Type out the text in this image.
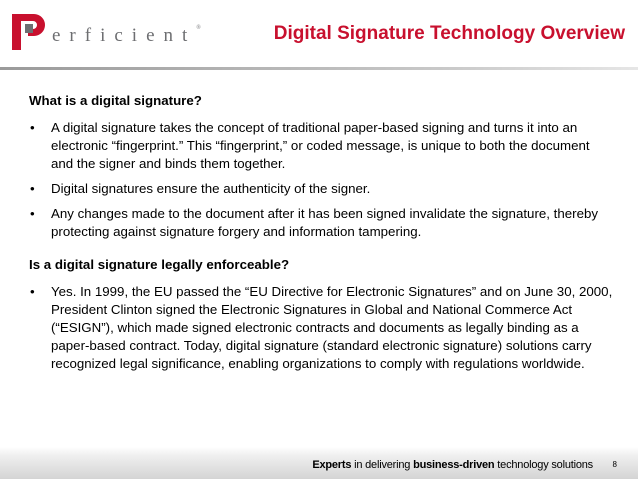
erficient®	Digital Signature Technology Overview
What is a digital signature?
• A digital signature takes the concept of traditional paper-based signing and turns it into an electronic “fingerprint.” This “fingerprint,” or coded message, is unique to both the document and the signer and binds them together.
• Digital signatures ensure the authenticity of the signer.
• Any changes made to the document after it has been signed invalidate the signature, thereby protecting against signature forgery and information tampering.
Is a digital signature legally enforceable?
• Yes. In 1999, the EU passed the “EU Directive for Electronic Signatures” and on June 30, 2000, President Clinton signed the Electronic Signatures in Global and National Commerce Act (“ESIGN”), which made signed electronic contracts and documents as legally binding as a paper-based contract. Today, digital signature (standard electronic signature) solutions carry recognized legal significance, enabling organizations to comply with regulations worldwide.
Experts in delivering business-driven technology solutions 8
